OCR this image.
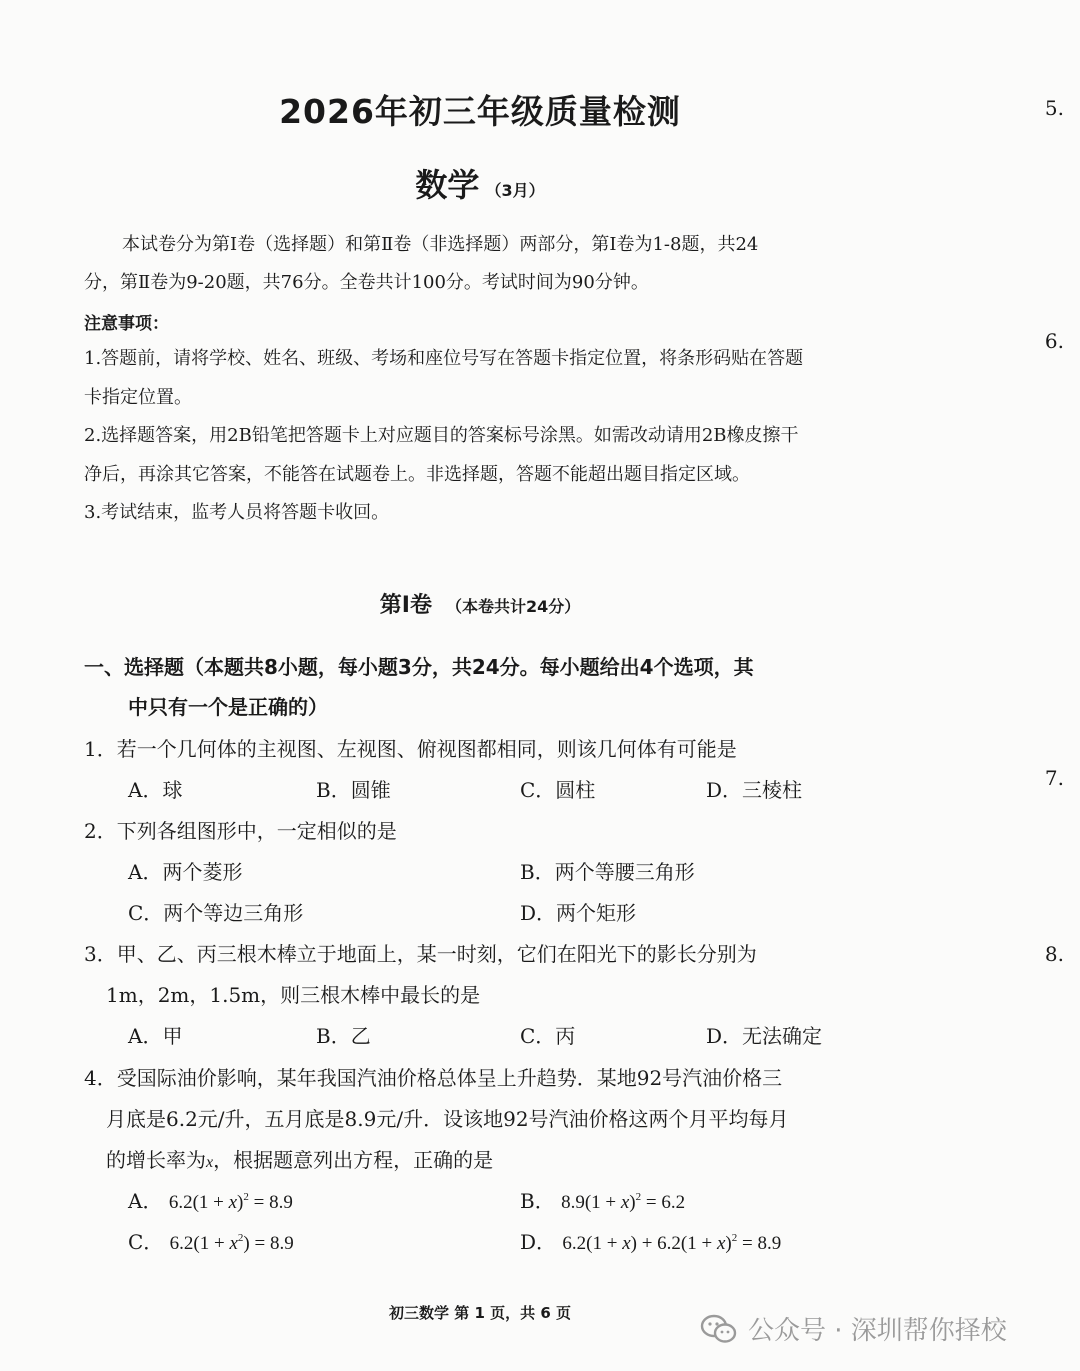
2026年初三年级质量检测
数学 （3月）
本试卷分为第Ⅰ卷（选择题）和第Ⅱ卷（非选择题）两部分，第Ⅰ卷为1-8题，共24
分，第Ⅱ卷为9-20题，共76分。全卷共计100分。考试时间为90分钟。
注意事项：
1.答题前，请将学校、姓名、班级、考场和座位号写在答题卡指定位置，将条形码贴在答题
卡指定位置。
2.选择题答案，用2B铅笔把答题卡上对应题目的答案标号涂黑。如需改动请用2B橡皮擦干
净后，再涂其它答案，不能答在试题卷上。非选择题，答题不能超出题目指定区域。
3.考试结束，监考人员将答题卡收回。
第Ⅰ卷 （本卷共计24分）
一、选择题（本题共8小题，每小题3分，共24分。每小题给出4个选项，其
中只有一个是正确的）
1．若一个几何体的主视图、左视图、俯视图都相同，则该几何体有可能是
A．球	B．圆锥	C．圆柱	D．三棱柱
2．下列各组图形中，一定相似的是
A．两个菱形	B．两个等腰三角形
C．两个等边三角形	D．两个矩形
3．甲、乙、丙三根木棒立于地面上，某一时刻，它们在阳光下的影长分别为
1m，2m，1.5m，则三根木棒中最长的是
A．甲	B．乙	C．丙	D．无法确定
4．受国际油价影响，某年我国汽油价格总体呈上升趋势．某地92号汽油价格三
月底是6.2元/升，五月底是8.9元/升．设该地92号汽油价格这两个月平均每月
的增长率为x，根据题意列出方程，正确的是
A． $6.2(1 + x)^2 = 8.9$	B． $8.9(1 + x)^2 = 6.2$
C． $6.2(1 + x^2) = 8.9$	D． $6.2(1 + x) + 6.2(1 + x)^2 = 8.9$
初三数学 第 1 页，共 6 页
5.
6.
7.
8.
公众号 · 深圳帮你择校
